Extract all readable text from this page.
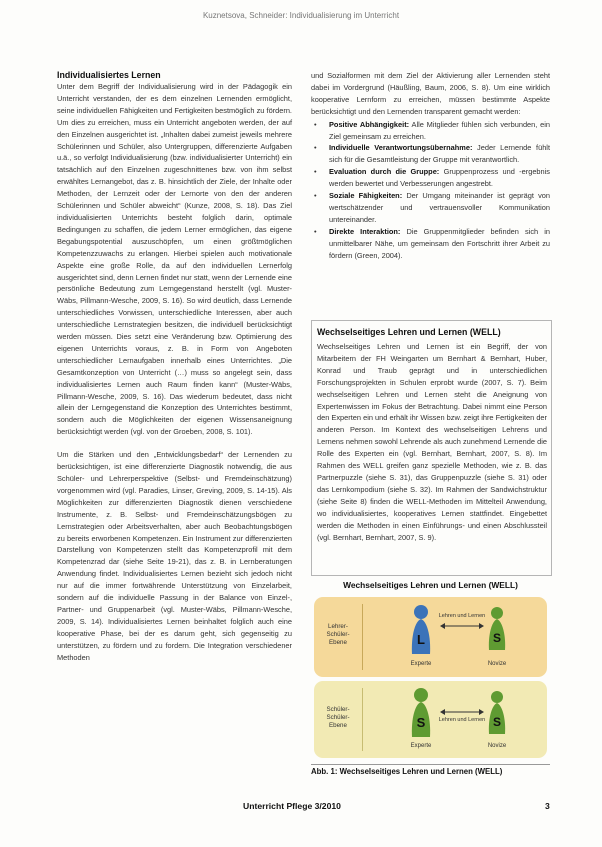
Kuznetsova, Schneider: Individualisierung im Unterricht
Individualisiertes Lernen

Unter dem Begriff der Individualisierung wird in der Pädagogik ein Unterricht verstanden, der es dem einzelnen Lernenden ermöglicht, seine individuellen Fähigkeiten und Fertigkeiten bestmöglich zu fördern. Um dies zu erreichen, muss ein Unterricht angeboten werden, der auf den Einzelnen ausgerichtet ist. „Inhalten dabei zumeist jeweils mehrere Schülerinnen und Schüler, also Untergruppen, differenzierte Aufgaben u.ä., so verfolgt Individualisierung (bzw. individualisierter Unterricht) ein tatsächlich auf den Einzelnen zugeschnittenes bzw. von ihm selbst erwähltes Lernangebot, das z. B. hinsichtlich der Ziele, der Inhalte oder Methoden, der Lernzeit oder der Lernorte von den der anderen Schülerinnen und Schüler abweicht“ (Kunze, 2008, S. 18). Das Ziel individualisierten Unterrichts besteht folglich darin, optimale Bedingungen zu schaffen, die jedem Lerner ermöglichen, das eigene Begabungspotential auszuschöpfen, um einen größtmöglichen Kompetenzzuwachs zu erlangen. Hierbei spielen auch motivationale Aspekte eine große Rolle, da auf den individuellen Lernerfolg ausgerichtet sind, denn Lernen findet nur statt, wenn der Lernende eine persönliche Bedeutung zum Lerngegenstand herstellt (vgl. Muster-Wäbs, Pillmann-Wesche, 2009, S. 16). So wird deutlich, dass Lernende unterschiedliches Vorwissen, unterschiedliche Interessen, aber auch unterschiedliche Lernstrategien besitzen, die individuell berücksichtigt werden müssen. Dies setzt eine Veränderung bzw. Optimierung des eigenen Unterrichts voraus, z. B. in Form von Angeboten unterschiedlicher Lernaufgaben innerhalb eines Unterrichtes. „Die Gesamtkonzeption von Unterricht (…) muss so angelegt sein, dass individualisiertes Lernen auch Raum finden kann“ (Muster-Wäbs, Pillmann-Wesche, 2009, S. 16). Das wiederum bedeutet, dass nicht allein der Lerngegenstand die Konzeption des Unterrichtes bestimmt, sondern auch die Möglichkeiten der eigenen Wissensaneignung berücksichtigt werden (vgl. von der Groeben, 2008, S. 101).

Um die Stärken und den „Entwicklungsbedarf“ der Lernenden zu berücksichtigen, ist eine differenzierte Diagnostik notwendig, die aus Schüler- und Lehrerperspektive (Selbst- und Fremdeinschätzung) vorgenommen wird (vgl. Paradies, Linser, Greving, 2009, S. 14-15). Als Möglichkeiten zur differenzierten Diagnostik dienen verschiedene Instrumente, z. B. Selbst- und Fremdeinschätzungsbögen zu Lernstrategien oder Arbeitsverhalten, aber auch Beobachtungsbögen zu bereits erworbenen Kompetenzen. Ein Instrument zur differenzierten Darstellung von Kompetenzen stellt das Kompetenzprofil mit dem Kompetenzrad dar (siehe Seite 19-21), das z. B. in Lernberatungen Anwendung findet. Individualisiertes Lernen bezieht sich jedoch nicht nur auf die immer fortwährende Unterstützung von Einzelarbeit, sondern auf die individuelle Passung in der Balance von Einzel-, Partner- und Gruppenarbeit (vgl. Muster-Wäbs, Pillmann-Wesche, 2009, S. 14). Individualisiertes Lernen beinhaltet folglich auch eine kooperative Phase, bei der es darum geht, sich gegenseitig zu unterstützen, zu fördern und zu fordern. Die Integration verschiedener Methoden

und Sozialformen mit dem Ziel der Aktivierung aller Lernenden steht dabei im Vordergrund (Häußling, Baum, 2006, S. 8). Um eine wirklich kooperative Lernform zu erreichen, müssen bestimmte Aspekte berücksichtigt und den Lernenden transparent gemacht werden:

• Positive Abhängigkeit: Alle Mitglieder fühlen sich verbunden, ein Ziel gemeinsam zu erreichen.
• Individuelle Verantwortungsübernahme: Jeder Lernende fühlt sich für die Gesamtleistung der Gruppe mit verantwortlich.
• Evaluation durch die Gruppe: Gruppenprozess und -ergebnis werden bewertet und Verbesserungen angestrebt.
• Soziale Fähigkeiten: Der Umgang miteinander ist geprägt von wertschätzender und vertrauensvoller Kommunikation untereinander.
• Direkte Interaktion: Die Gruppenmitglieder befinden sich in unmittelbarer Nähe, um gemeinsam den Fortschritt ihrer Arbeit zu fördern (Green, 2004).
Wechselseitiges Lehren und Lernen (WELL)

Wechselseitiges Lehren und Lernen ist ein Begriff, der von Mitarbeitern der FH Weingarten um Bernhart & Bernhart, Huber, Konrad und Traub geprägt und in unterschiedlichen Forschungsprojekten in Schulen erprobt wurde (2007, S. 7). Beim wechselseitigen Lehren und Lernen steht die Aneignung von Expertenwissen im Fokus der Betrachtung. Dabei nimmt eine Person den Experten ein und erhält ihr Wissen bzw. zeigt ihre Fertigkeiten der anderen Person. Im Kontext des wechselseitigen Lehrens und Lernens nehmen sowohl Lehrende als auch zunehmend Lernende die Rolle des Experten ein (vgl. Bernhart, Bernhart, 2007, S. 8). Im Rahmen des WELL greifen ganz spezielle Methoden, wie z. B. das Partnerpuzzle (siehe S. 31), das Gruppenpuzzle (siehe S. 31) oder das Lernkompodium (siehe S. 32). Im Rahmen der Sandwichstruktur (siehe Seite 8) finden die WELL-Methoden im Mittelteil Anwendung, wo individualisiertes, kooperatives Lernen stattfindet. Eingebettet werden die Methoden in einen Einführungs- und einen Abschlussteil (vgl. Bernhart, Bernhart, 2007, S. 9).

Wechselseitiges Lehren und Lernen (WELL)
Lehrer-Schüler-Ebene	L	S
Lehren und Lernen
Experte	Novize
Schüler-Schüler-Ebene	S	S
Lehren und Lernen
Experte	Novize
Abb. 1: Wechselseitiges Lehren und Lernen (WELL)
Unterricht Pflege 3/2010	3
